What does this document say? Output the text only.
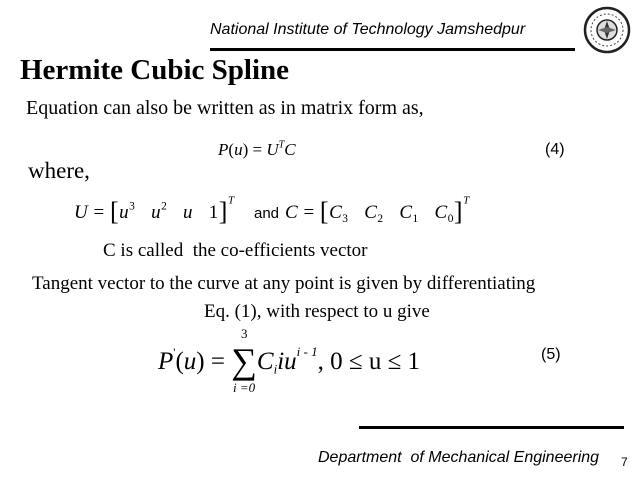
National Institute of Technology Jamshedpur
Hermite Cubic Spline
Equation can also be written as in matrix form as,
$P(u) = U^TC$	(4)
where,
$U = [u^3$ $u^2$ u 1]$^T$
and $C = [C_3$ $C_2$ $C_1$ $C_0]^T$
C is called  the co-efficients vector
Tangent vector to the curve at any point is given by differentiating
Eq. (1), with respect to u give
3
$P'(u) = \sum C_iiu^{i - 1}$, 0 ≤ u ≤ 1
i =0
(5)
Department  of Mechanical Engineering 7
